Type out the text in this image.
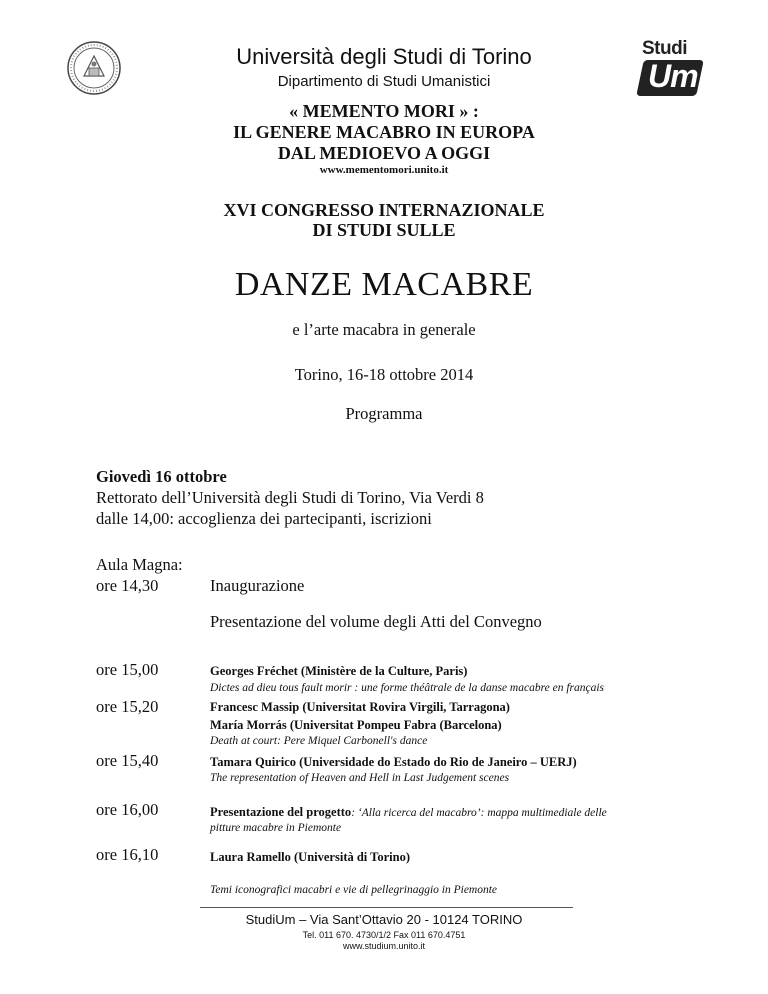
Studi
Um
Università degli Studi di Torino
Dipartimento di Studi Umanistici
« MEMENTO MORI » :
IL GENERE MACABRO IN EUROPA
DAL MEDIOEVO A OGGI
www.mementomori.unito.it
XVI CONGRESSO INTERNAZIONALE
DI STUDI SULLE
DANZE MACABRE
e l’arte macabra in generale
Torino, 16-18 ottobre 2014
Programma
Giovedì 16 ottobre
Rettorato dell’Università degli Studi di Torino, Via Verdi 8
dalle 14,00: accoglienza dei partecipanti, iscrizioni
Aula Magna:
ore 14,30	Inaugurazione
Presentazione del volume degli Atti del Convegno
ore 15,00	Georges Fréchet (Ministère de la Culture, Paris)
Dictes ad dieu tous fault morir : une forme théâtrale de la danse macabre en français
ore 15,20	Francesc Massip (Universitat Rovira Virgili, Tarragona)
María Morrás (Universitat Pompeu Fabra (Barcelona)
Death at court: Pere Miquel Carbonell's dance
ore 15,40	Tamara Quirico (Universidade do Estado do Rio de Janeiro – UERJ)
The representation of Heaven and Hell in Last Judgement scenes
ore 16,00	Presentazione del progetto: ‘Alla ricerca del macabro’: mappa multimediale delle
pitture macabre in Piemonte
ore 16,10	Laura Ramello (Università di Torino)
Temi iconografici macabri e vie di pellegrinaggio in Piemonte
StudiUm – Via Sant’Ottavio 20 - 10124 TORINO
Tel. 011 670. 4730/1/2 Fax 011 670.4751
www.studium.unito.it
